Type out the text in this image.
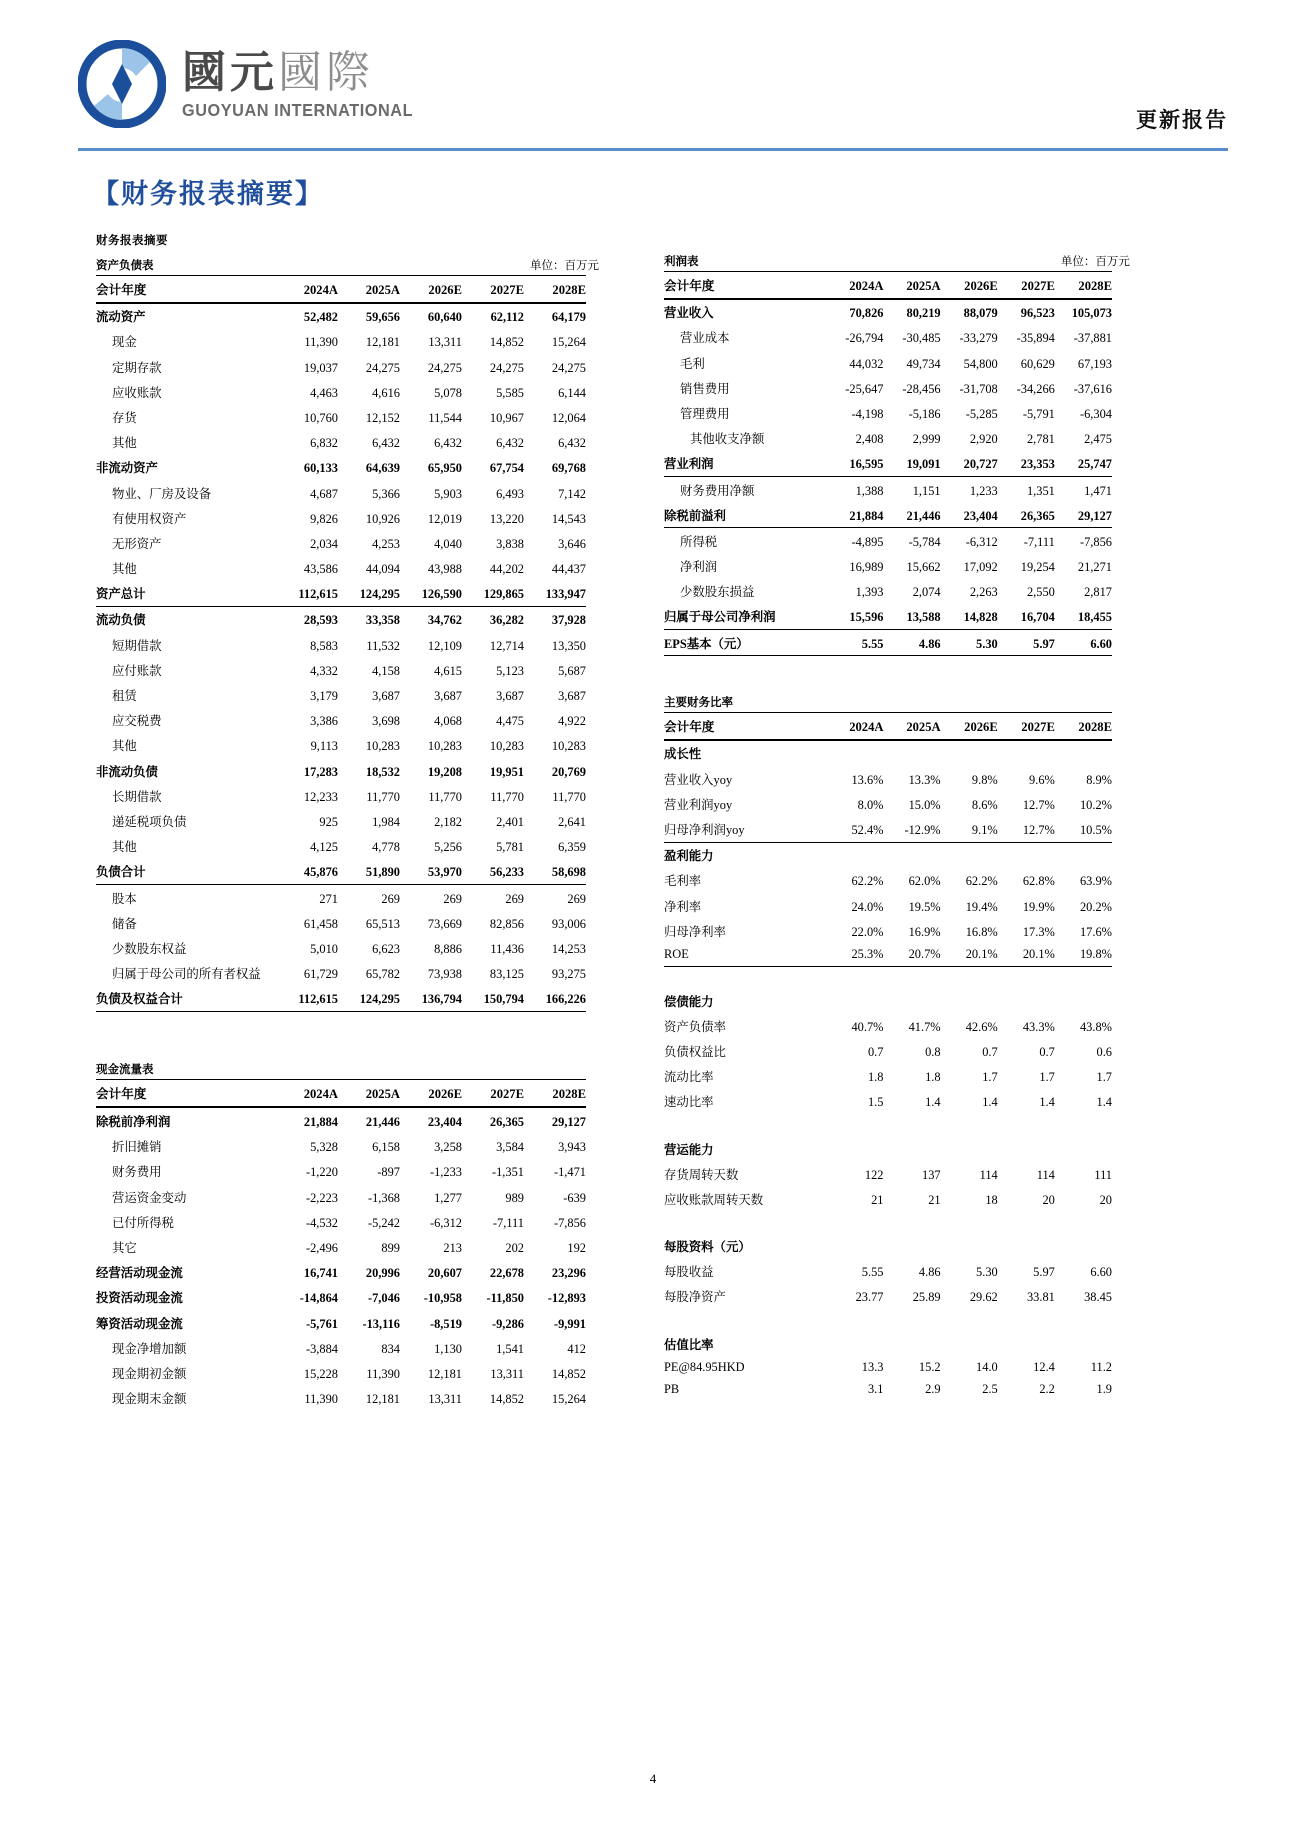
國元國際
GUOYUAN INTERNATIONAL	更新报告
【财务报表摘要】
财务报表摘要
资产负债表					单位：百万元
会计年度	2024A	2025A	2026E	2027E	2028E
流动资产	52,482	59,656	60,640	62,112	64,179
现金	11,390	12,181	13,311	14,852	15,264
定期存款	19,037	24,275	24,275	24,275	24,275
应收账款	4,463	4,616	5,078	5,585	6,144
存货	10,760	12,152	11,544	10,967	12,064
其他	6,832	6,432	6,432	6,432	6,432
非流动资产	60,133	64,639	65,950	67,754	69,768
物业、厂房及设备	4,687	5,366	5,903	6,493	7,142
有使用权资产	9,826	10,926	12,019	13,220	14,543
无形资产	2,034	4,253	4,040	3,838	3,646
其他	43,586	44,094	43,988	44,202	44,437
资产总计	112,615	124,295	126,590	129,865	133,947
流动负债	28,593	33,358	34,762	36,282	37,928
短期借款	8,583	11,532	12,109	12,714	13,350
应付账款	4,332	4,158	4,615	5,123	5,687
租赁	3,179	3,687	3,687	3,687	3,687
应交税费	3,386	3,698	4,068	4,475	4,922
其他	9,113	10,283	10,283	10,283	10,283
非流动负债	17,283	18,532	19,208	19,951	20,769
长期借款	12,233	11,770	11,770	11,770	11,770
递延税项负债	925	1,984	2,182	2,401	2,641
其他	4,125	4,778	5,256	5,781	6,359
负债合计	45,876	51,890	53,970	56,233	58,698
股本	271	269	269	269	269
储备	61,458	65,513	73,669	82,856	93,006
少数股东权益	5,010	6,623	8,886	11,436	14,253
归属于母公司的所有者权益	61,729	65,782	73,938	83,125	93,275
负债及权益合计	112,615	124,295	136,794	150,794	166,226
现金流量表					
会计年度	2024A	2025A	2026E	2027E	2028E
除税前净利润	21,884	21,446	23,404	26,365	29,127
折旧摊销	5,328	6,158	3,258	3,584	3,943
财务费用	-1,220	-897	-1,233	-1,351	-1,471
营运资金变动	-2,223	-1,368	1,277	989	-639
已付所得税	-4,532	-5,242	-6,312	-7,111	-7,856
其它	-2,496	899	213	202	192
经营活动现金流	16,741	20,996	20,607	22,678	23,296
投资活动现金流	-14,864	-7,046	-10,958	-11,850	-12,893
筹资活动现金流	-5,761	-13,116	-8,519	-9,286	-9,991
现金净增加额	-3,884	834	1,130	1,541	412
现金期初金额	15,228	11,390	12,181	13,311	14,852
现金期末金额	11,390	12,181	13,311	14,852	15,264
利润表					单位：百万元
会计年度	2024A	2025A	2026E	2027E	2028E
营业收入	70,826	80,219	88,079	96,523	105,073
营业成本	-26,794	-30,485	-33,279	-35,894	-37,881
毛利	44,032	49,734	54,800	60,629	67,193
销售费用	-25,647	-28,456	-31,708	-34,266	-37,616
管理费用	-4,198	-5,186	-5,285	-5,791	-6,304
其他收支净额	2,408	2,999	2,920	2,781	2,475
营业利润	16,595	19,091	20,727	23,353	25,747
财务费用净额	1,388	1,151	1,233	1,351	1,471
除税前溢利	21,884	21,446	23,404	26,365	29,127
所得税	-4,895	-5,784	-6,312	-7,111	-7,856
净利润	16,989	15,662	17,092	19,254	21,271
少数股东损益	1,393	2,074	2,263	2,550	2,817
归属于母公司净利润	15,596	13,588	14,828	16,704	18,455
EPS基本（元）	5.55	4.86	5.30	5.97	6.60
主要财务比率					
会计年度	2024A	2025A	2026E	2027E	2028E
成长性					
营业收入yoy	13.6%	13.3%	9.8%	9.6%	8.9%
营业利润yoy	8.0%	15.0%	8.6%	12.7%	10.2%
归母净利润yoy	52.4%	-12.9%	9.1%	12.7%	10.5%
盈利能力					
毛利率	62.2%	62.0%	62.2%	62.8%	63.9%
净利率	24.0%	19.5%	19.4%	19.9%	20.2%
归母净利率	22.0%	16.9%	16.8%	17.3%	17.6%
ROE	25.3%	20.7%	20.1%	20.1%	19.8%

偿债能力					
资产负债率	40.7%	41.7%	42.6%	43.3%	43.8%
负债权益比	0.7	0.8	0.7	0.7	0.6
流动比率	1.8	1.8	1.7	1.7	1.7
速动比率	1.5	1.4	1.4	1.4	1.4

营运能力					
存货周转天数	122	137	114	114	111
应收账款周转天数	21	21	18	20	20

每股资料（元）					
每股收益	5.55	4.86	5.30	5.97	6.60
每股净资产	23.77	25.89	29.62	33.81	38.45

估值比率					
PE@84.95HKD	13.3	15.2	14.0	12.4	11.2
PB	3.1	2.9	2.5	2.2	1.9
4
